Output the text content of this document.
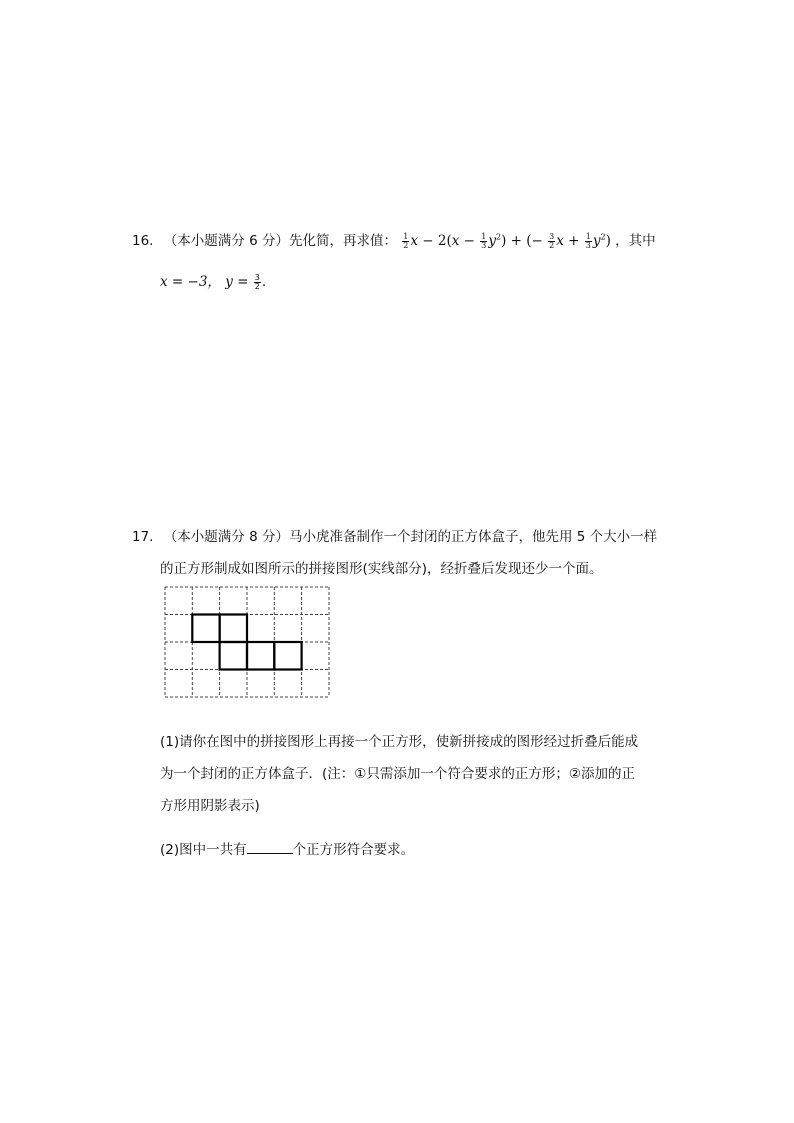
16. （本小题满分 6 分）先化简，再求值： $\frac{1}{2}$ $x - 2(x - \frac{1}{3} y^2)$ + (− $\frac{3}{2}$ $x + \frac{1}{3} y^2$) ，其中
x = −3， $y = \frac{3}{2}$ .
17. （本小题满分 8 分）马小虎准备制作一个封闭的正方体盒子，他先用 5 个大小一样
的正方形制成如图所示的拼接图形(实线部分)，经折叠后发现还少一个面。
(1)请你在图中的拼接图形上再接一个正方形，使新拼接成的图形经过折叠后能成
为一个封闭的正方体盒子．(注：①只需添加一个符合要求的正方形；②添加的正
方形用阴影表示)
(2)图中一共有	个正方形符合要求。
